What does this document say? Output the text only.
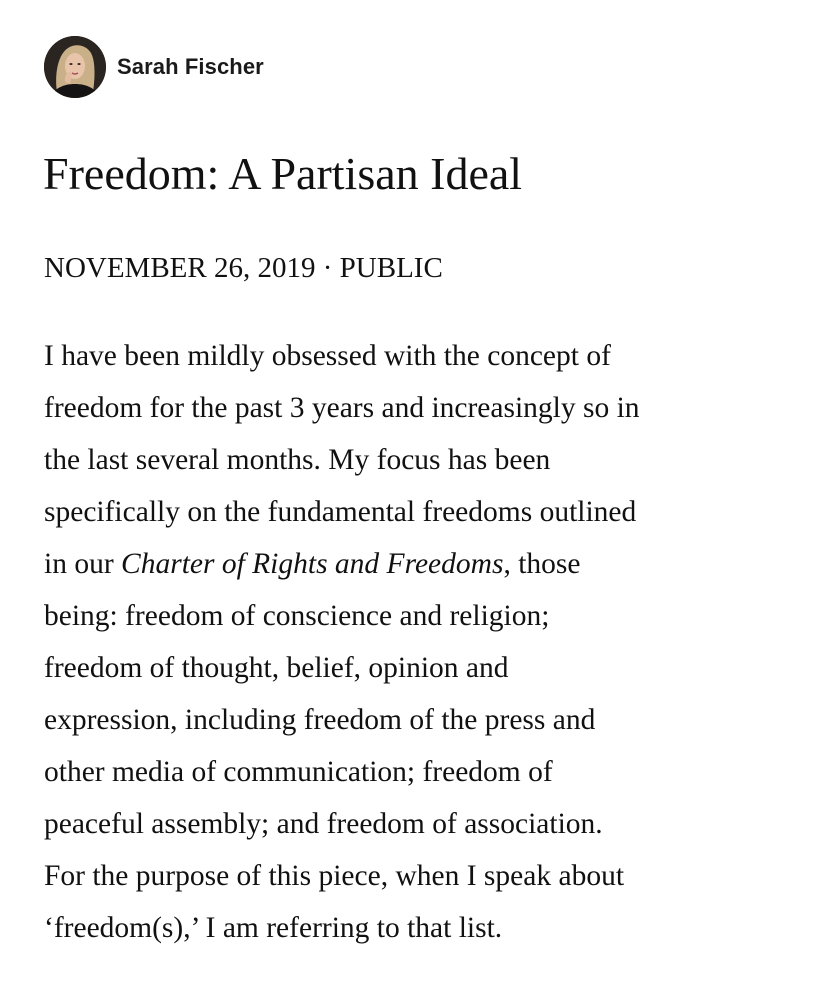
Sarah Fischer
Freedom: A Partisan Ideal
NOVEMBER 26, 2019 · PUBLIC

I have been mildly obsessed with the concept of
freedom for the past 3 years and increasingly so in
the last several months. My focus has been
specifically on the fundamental freedoms outlined
in our Charter of Rights and Freedoms, those
being: freedom of conscience and religion;
freedom of thought, belief, opinion and
expression, including freedom of the press and
other media of communication; freedom of
peaceful assembly; and freedom of association.
For the purpose of this piece, when I speak about
‘freedom(s),’ I am referring to that list.
